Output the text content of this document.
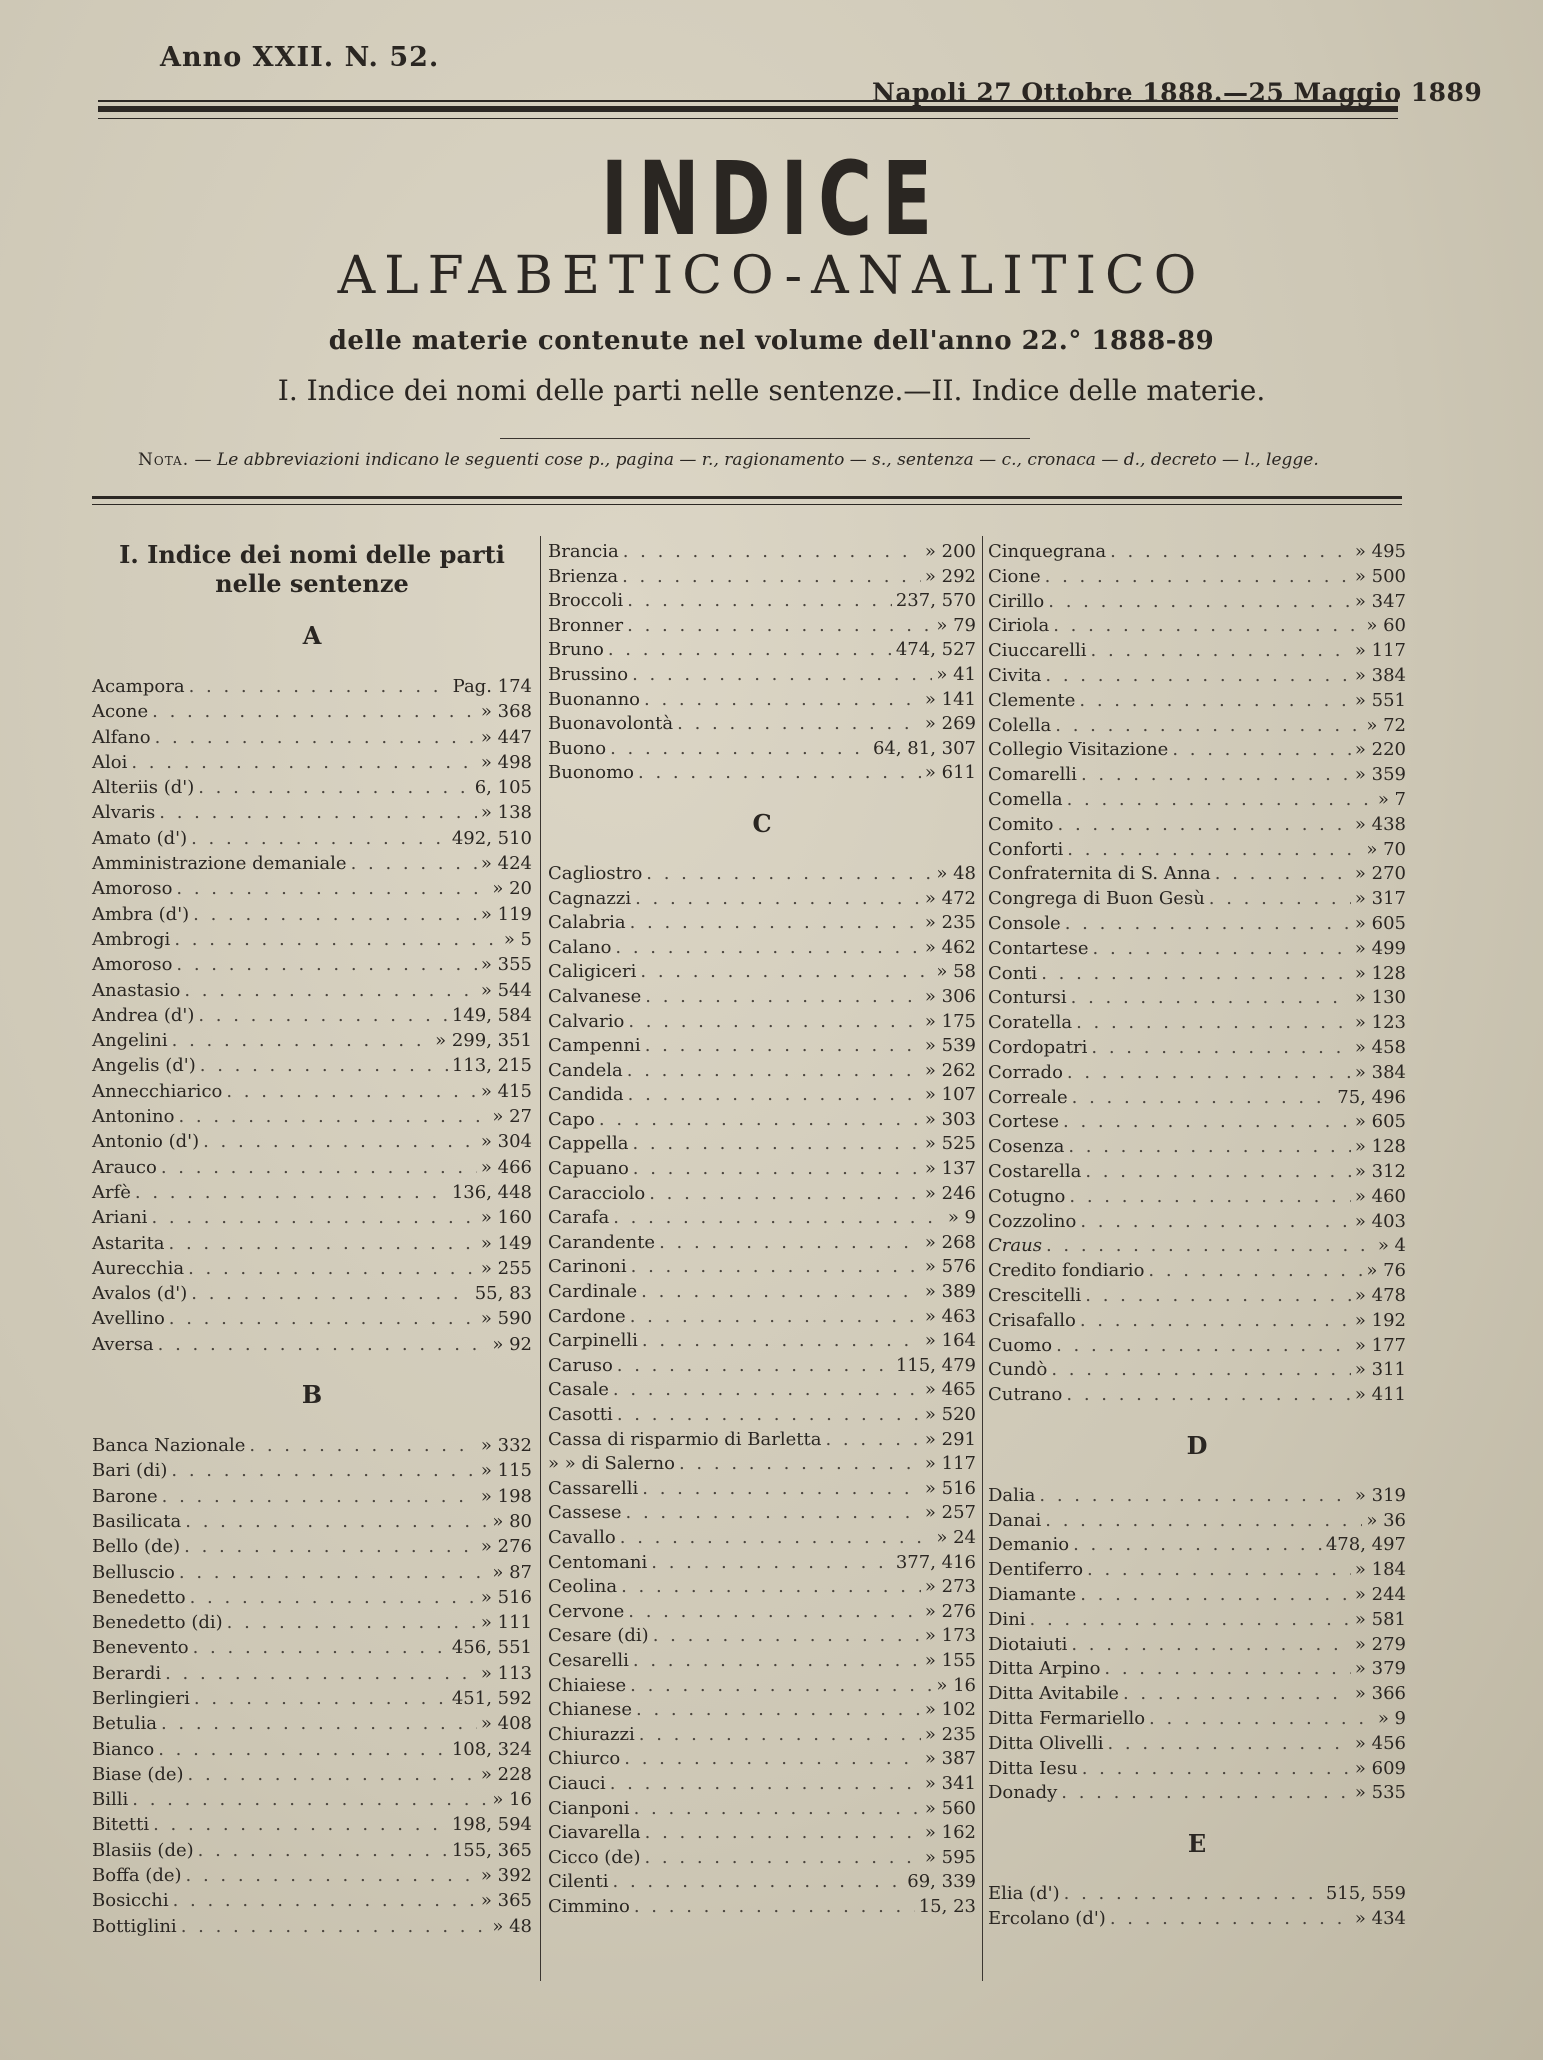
Anno XXII. N. 52.
Napoli 27 Ottobre 1888.—25 Maggio 1889
INDICE
ALFABETICO-ANALITICO
delle materie contenute nel volume dell'anno 22.° 1888-89
I. Indice dei nomi delle parti nelle sentenze.—II. Indice delle materie.
Nota. — Le abbreviazioni indicano le seguenti cose p., pagina — r., ragionamento — s., sentenza — c., cronaca — d., decreto — l., legge.
I. Indice dei nomi delle parti
nelle sentenze
A
Acampora . . .	Pag. 174
Acone . . .	» 368
Alfano . . .	» 447
Aloi . . .	» 498
Alteriis (d') . . .	6, 105
Alvaris . . .	» 138
Amato (d') . . .	492, 510
Amministrazione demaniale . . .	» 424
Amoroso . . .	» 20
Ambra (d') . . .	» 119
Ambrogi . . .	» 5
Amoroso . . .	» 355
Anastasio . . .	» 544
Andrea (d') . . .	149, 584
Angelini . . .	» 299, 351
Angelis (d') . . .	113, 215
Annecchiarico . . .	» 415
Antonino . . .	» 27
Antonio (d') . . .	» 304
Arauco . . .	» 466
Arfè . . .	136, 448
Ariani . . .	» 160
Astarita . . .	» 149
Aurecchia . . .	» 255
Avalos (d') . . .	55, 83
Avellino . . .	» 590
Aversa . . .	» 92
B
Banca Nazionale . . .	» 332
Bari (di) . . .	» 115
Barone . . .	» 198
Basilicata . . .	» 80
Bello (de) . . .	» 276
Belluscio . . .	» 87
Benedetto . . .	» 516
Benedetto (di) . . .	» 111
Benevento . . .	456, 551
Berardi . . .	» 113
Berlingieri . . .	451, 592
Betulia . . .	» 408
Bianco . . .	108, 324
Biase (de) . . .	» 228
Billi . . .	» 16
Bitetti . . .	198, 594
Blasiis (de) . . .	155, 365
Boffa (de) . . .	» 392
Bosicchi . . .	» 365
Bottiglini . . .	» 48
Brancia . . .	» 200
Brienza . . .	» 292
Broccoli . . .	237, 570
Bronner . . .	» 79
Bruno . . .	474, 527
Brussino . . .	» 41
Buonanno . . .	» 141
Buonavolontà . . .	» 269
Buono . . .	64, 81, 307
Buonomo . . .	» 611
C
Cagliostro . . .	» 48
Cagnazzi . . .	» 472
Calabria . . .	» 235
Calano . . .	» 462
Caligiceri . . .	» 58
Calvanese . . .	» 306
Calvario . . .	» 175
Campenni . . .	» 539
Candela . . .	» 262
Candida . . .	» 107
Capo . . .	» 303
Cappella . . .	» 525
Capuano . . .	» 137
Caracciolo . . .	» 246
Carafa . . .	» 9
Carandente . . .	» 268
Carinoni . . .	» 576
Cardinale . . .	» 389
Cardone . . .	» 463
Carpinelli . . .	» 164
Caruso . . .	115, 479
Casale . . .	» 465
Casotti . . .	» 520
Cassa di risparmio di Barletta . . .	» 291
» » di Salerno . . .	» 117
Cassarelli . . .	» 516
Cassese . . .	» 257
Cavallo . . .	» 24
Centomani . . .	377, 416
Ceolina . . .	» 273
Cervone . . .	» 276
Cesare (di) . . .	» 173
Cesarelli . . .	» 155
Chiaiese . . .	» 16
Chianese . . .	» 102
Chiurazzi . . .	» 235
Chiurco . . .	» 387
Ciauci . . .	» 341
Cianponi . . .	» 560
Ciavarella . . .	» 162
Cicco (de) . . .	» 595
Cilenti . . .	69, 339
Cimmino . . .	15, 23
Cinquegrana . . .	» 495
Cione . . .	» 500
Cirillo . . .	» 347
Ciriola . . .	» 60
Ciuccarelli . . .	» 117
Civita . . .	» 384
Clemente . . .	» 551
Colella . . .	» 72
Collegio Visitazione . . .	» 220
Comarelli . . .	» 359
Comella . . .	» 7
Comito . . .	» 438
Conforti . . .	» 70
Confraternita di S. Anna . . .	» 270
Congrega di Buon Gesù . . .	» 317
Console . . .	» 605
Contartese . . .	» 499
Conti . . .	» 128
Contursi . . .	» 130
Coratella . . .	» 123
Cordopatri . . .	» 458
Corrado . . .	» 384
Correale . . .	75, 496
Cortese . . .	» 605
Cosenza . . .	» 128
Costarella . . .	» 312
Cotugno . . .	» 460
Cozzolino . . .	» 403
Craus . . .	» 4
Credito fondiario . . .	» 76
Crescitelli . . .	» 478
Crisafallo . . .	» 192
Cuomo . . .	» 177
Cundò . . .	» 311
Cutrano . . .	» 411
D
Dalia . . .	» 319
Danai . . .	» 36
Demanio . . .	478, 497
Dentiferro . . .	» 184
Diamante . . .	» 244
Dini . . .	» 581
Diotaiuti . . .	» 279
Ditta Arpino . . .	» 379
Ditta Avitabile . . .	» 366
Ditta Fermariello . . .	» 9
Ditta Olivelli . . .	» 456
Ditta Iesu . . .	» 609
Donady . . .	» 535
E
Elia (d') . . .	515, 559
Ercolano (d') . . .	» 434
